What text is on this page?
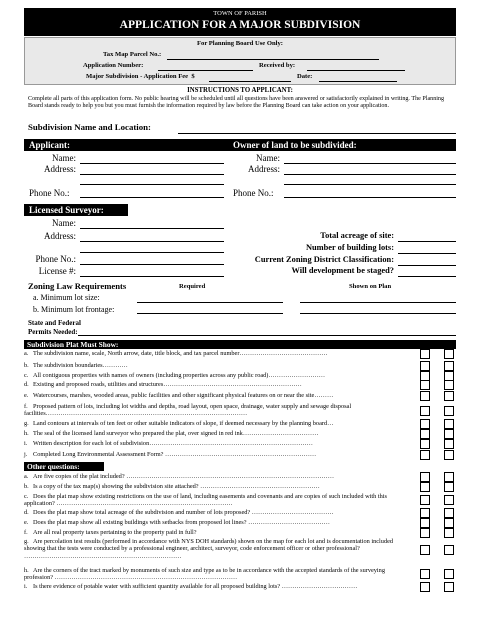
TOWN OF PARISH
APPLICATION FOR A MAJOR SUBDIVISION
For Planning Board Use Only:
Tax Map Parcel No.:
Application Number:	Received by:
Major Subdivision - Application Fee $	Date:
INSTRUCTIONS TO APPLICANT:
Complete all parts of this application form. No public hearing will be scheduled until all questions have been answered or satisfactorily explained in writing. The Planning Board stands ready to help you but you must furnish the information required by law before the Planning Board can take action on your application.
Subdivision Name and Location:
Applicant:	Owner of land to be subdivided:
Name:
Address:
Phone No.:
Name:
Address:
Phone No.:
Licensed Surveyor:
Name:
Address:
Phone No.:
License #:
Total acreage of site:
Number of building lots:
Current Zoning District Classification:
Will development be staged?
Zoning Law Requirements	Required	Shown on Plan
a. Minimum lot size:
b. Minimum lot frontage:
State and Federal
Permits Needed:
Subdivision Plat Must Show:	YES	NO
Other questions:
a. The subdivision name, scale, North arrow, date, title block, and tax parcel number……………………………………
b. The subdivision boundaries…………
c. All contiguous properties with names of owners (including properties across any public road)………………………
d. Existing and proposed roads, utilities and structures…………………………………………………………
e. Watercourses, marshes, wooded areas, public facilities and other significant physical features on or near the site………
f. Proposed pattern of lots, including lot widths and depths, road layout, open space, drainage, water supply and sewage disposal facilities……………………………………………………………………………………
g. Land contours at intervals of ten feet or other suitable indicators of slope, if deemed necessary by the planning board…
h. The seal of the licensed land surveyor who prepared the plat, over signed in red ink………………………………
i. Written description for each lot of subdivision……………………………………………………………………
j. Completed Long Environmental Assessment Form? ………………………………………………………………
a. Are five copies of the plat included? ………………………………………………………………………………………
b. Is a copy of the tax map(s) showing the subdivision site attached? …………………………………………………
c. Does the plat map show existing restrictions on the use of land, including easements and covenants and are copies of such included with this application? …………………………………………………………………………
d. Does the plat map show total acreage of the subdivision and number of lots proposed? …………………………………
e. Does the plat map show all existing buildings with setbacks from proposed lot lines? …………………………………
f. Are all real property taxes pertaining to the property paid in full?
g. Are percolation test results (performed in accordance with NYS DOH standards) shown on the map for each lot and is documentation included showing that the tests were conducted by a professional engineer, architect, surveyor, code enforcement officer or other professional? …………………………………………………………………
h. Are the corners of the tract marked by monuments of such size and type as to be in accordance with the accepted standards of the surveying profession? ……………………………………………………………………………
i. Is there evidence of potable water with sufficient quantity available for all proposed building lots? ………………………………
